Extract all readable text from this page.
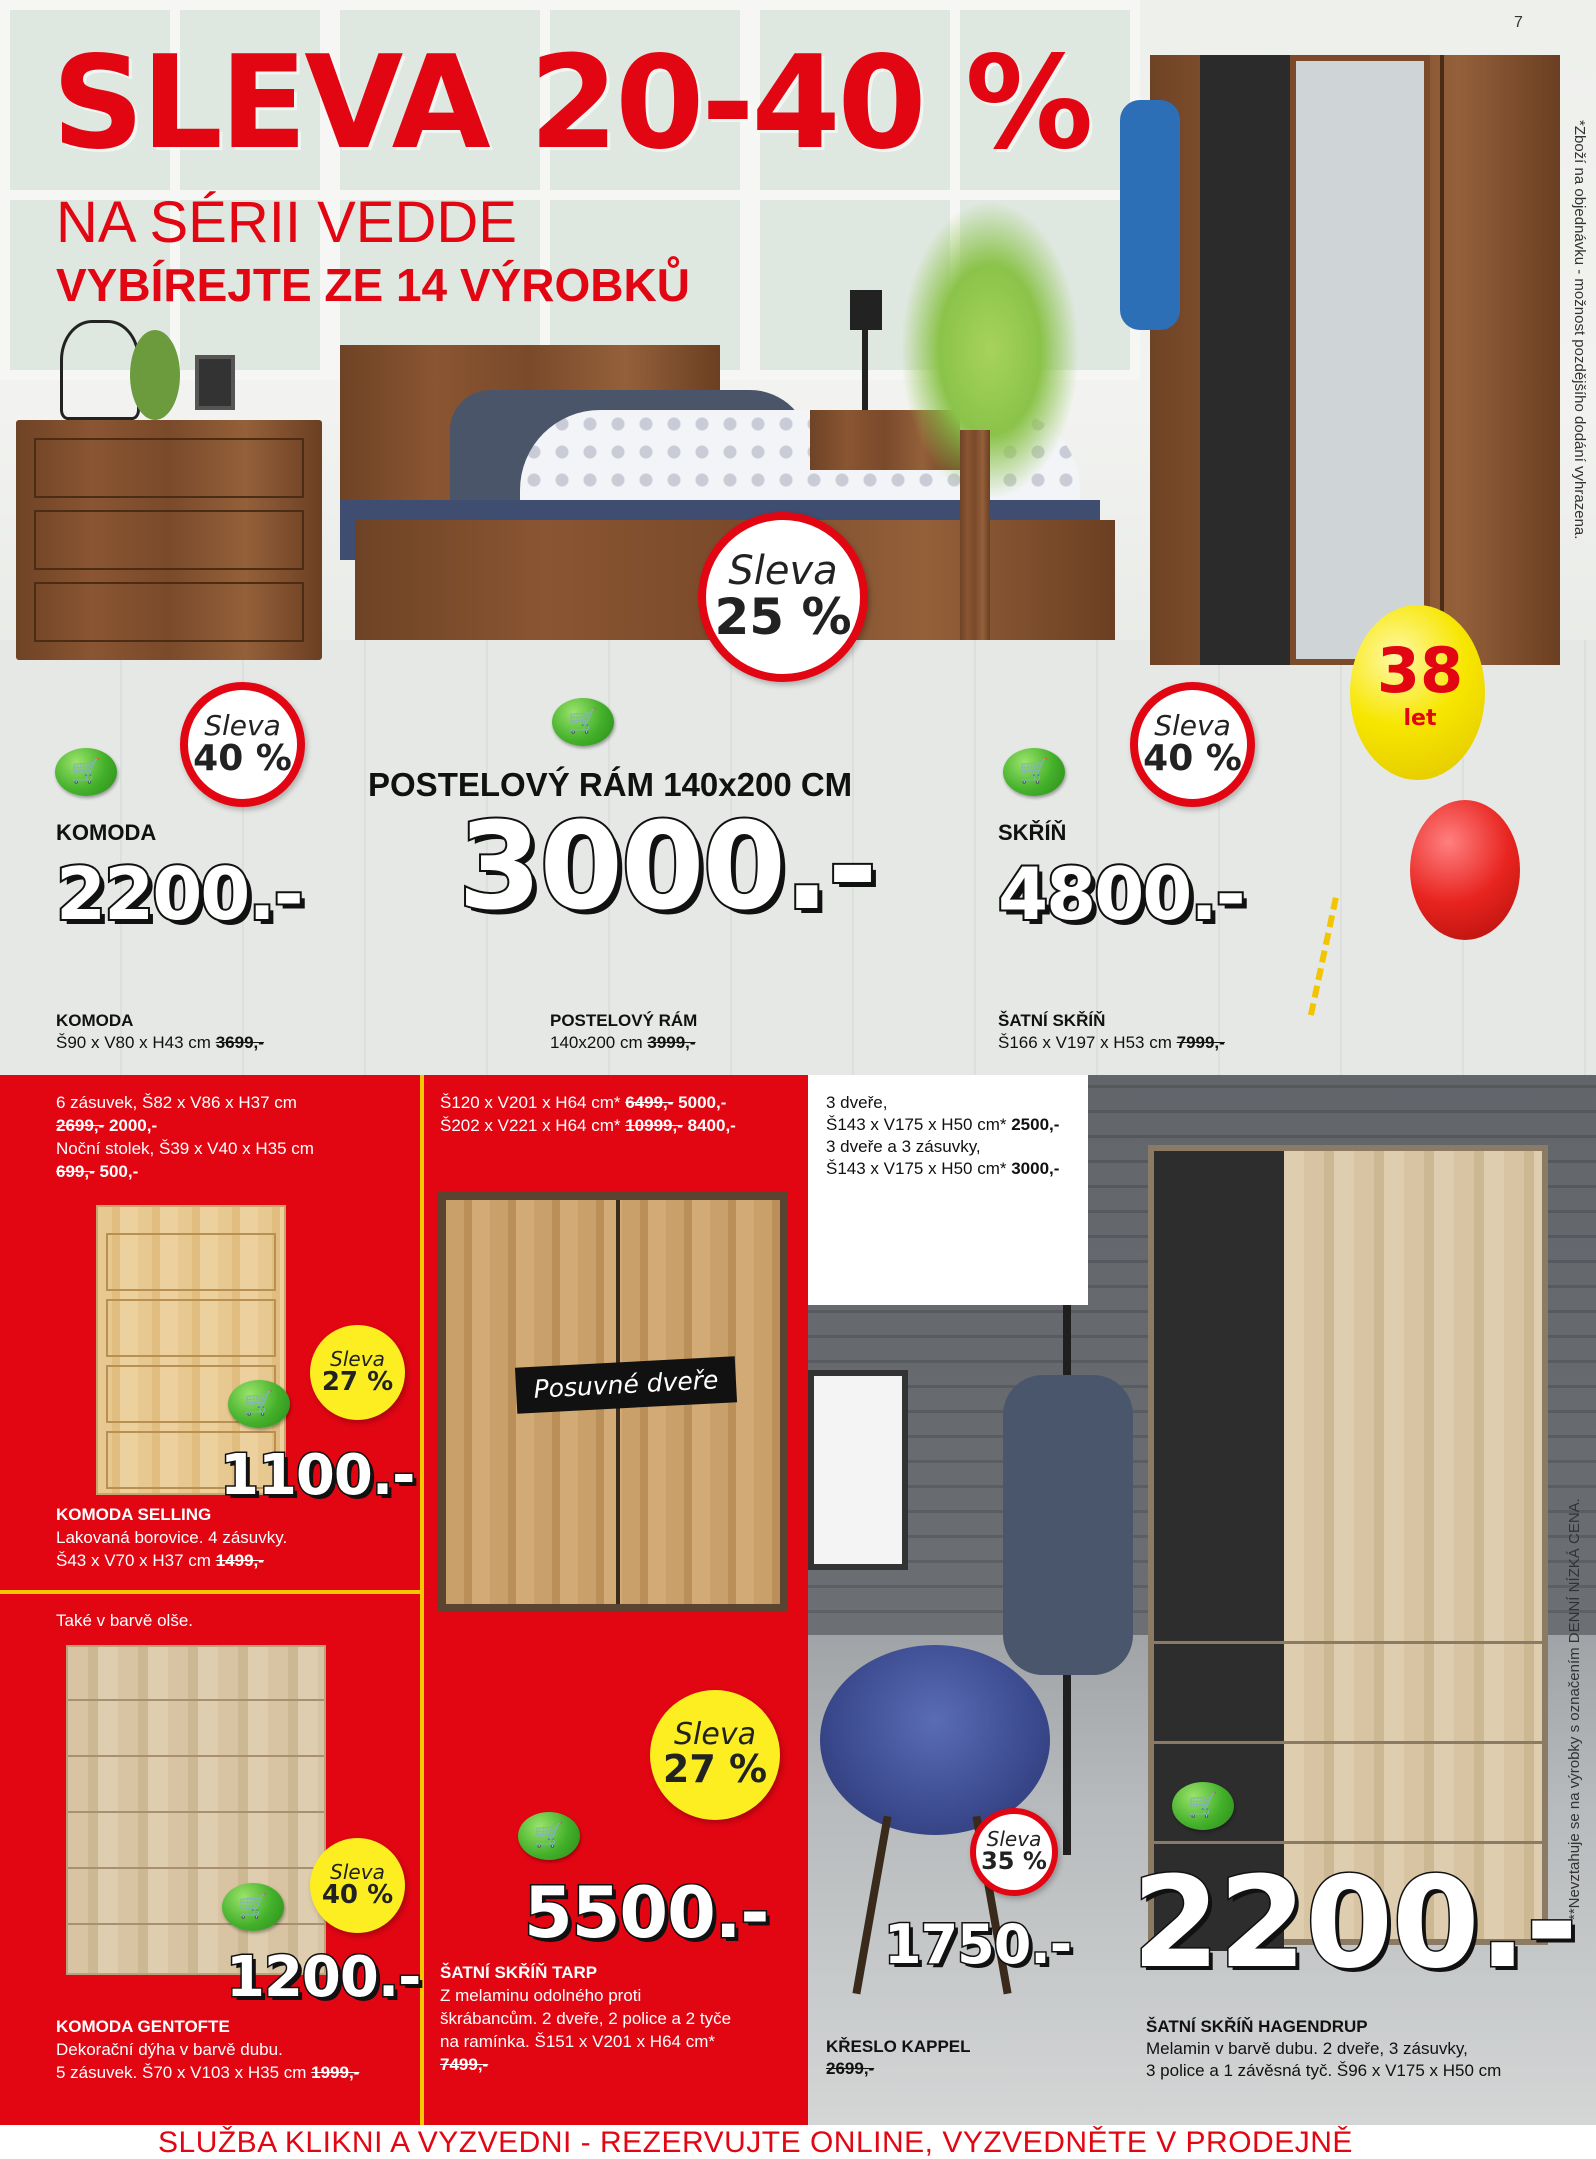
7
SLEVA 20-40 %
NA SÉRII VEDDE
VYBÍREJTE ZE 14 VÝROBKŮ
38
let
Sleva
40 %
🛒
KOMODA
2200.-
KOMODA
Š90 x V80 x H43 cm 3699,-
Sleva
25 %
🛒
POSTELOVÝ RÁM 140x200 CM
3000.-
POSTELOVÝ RÁM
140x200 cm 3999,-
Sleva
40 %
🛒
SKŘÍŇ
4800.-
ŠATNÍ SKŘÍŇ
Š166 x V197 x H53 cm 7999,-
*Zboží na objednávku - možnost pozdějšího dodání vyhrazena.
6 zásuvek, Š82 x V86 x H37 cm
2699,- 2000,-
Noční stolek, Š39 x V40 x H35 cm
699,- 500,-
Sleva
27 %
🛒
1100.-
KOMODA SELLING
Lakovaná borovice. 4 zásuvky.
Š43 x V70 x H37 cm 1499,-
Také v barvě olše.
Sleva
40 %
🛒
1200.-
KOMODA GENTOFTE
Dekorační dýha v barvě dubu.
5 zásuvek. Š70 x V103 x H35 cm 1999,-
Š120 x V201 x H64 cm* 6499,- 5000,-
Š202 x V221 x H64 cm* 10999,- 8400,-
Posuvné dveře
Sleva
27 %
🛒
5500.-
ŠATNÍ SKŘÍŇ TARP
Z melaminu odolného proti
škrábancům. 2 dveře, 2 police a 2 tyče
na ramínka. Š151 x V201 x H64 cm*
7499,-
3 dveře,
Š143 x V175 x H50 cm* 2500,-
3 dveře a 3 zásuvky,
Š143 x V175 x H50 cm* 3000,-
Sleva
35 %
1750.-
KŘESLO KAPPEL
2699,-
🛒
2200.-
ŠATNÍ SKŘÍŇ HAGENDRUP
Melamin v barvě dubu. 2 dveře, 3 zásuvky,
3 police a 1 závěsná tyč. Š96 x V175 x H50 cm
**Nevztahuje se na výrobky s označením DENNÍ NÍZKÁ CENA.
SLUŽBA KLIKNI A VYZVEDNI - REZERVUJTE ONLINE, VYZVEDNĚTE V PRODEJNĚ
